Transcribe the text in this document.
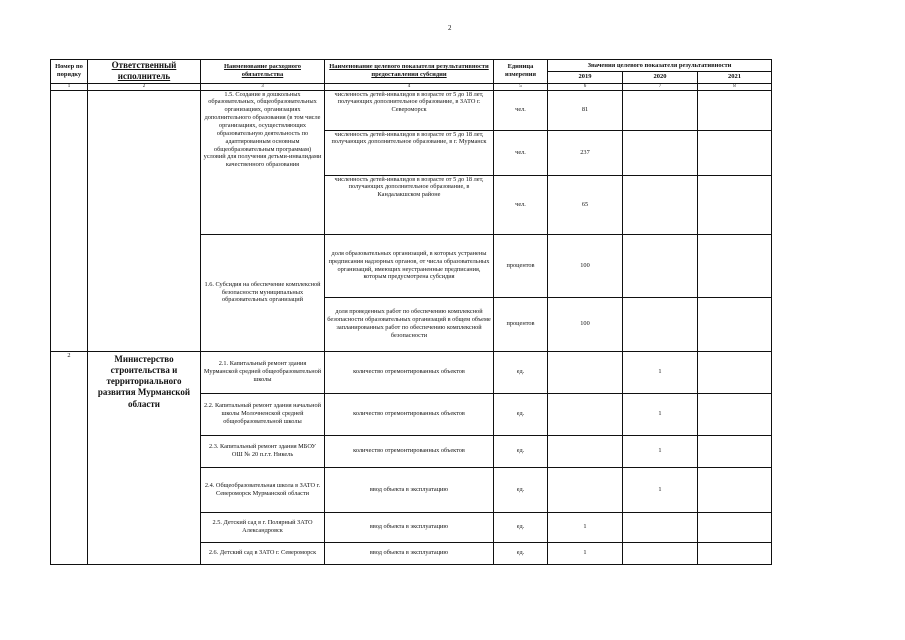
2
Номер по порядку	Ответственный исполнитель	Наименование расходного обязательства	Наименование целевого показателя результативности предоставления субсидии	Единица измерения	Значения целевого показателя результативности		
					2019	2020	2021
1	2	3	4	5	6	7	8
		1.5. Создание в дошкольных образовательных, общеобразовательных организациях, организациях дополнительного образования (в том числе организациях, осуществляющих образовательную деятельность по адаптированным основным общеобразовательным программам) условий для получения детьми-инвалидами качественного образования	численность детей-инвалидов в возрасте от 5 до 18 лет, получающих дополнительное образование, в ЗАТО г. Североморск	чел.	81		
			численность детей-инвалидов в возрасте от 5 до 18 лет, получающих дополнительное образование, в г. Мурманск	чел.	237		
			численность детей-инвалидов в возрасте от 5 до 18 лет, получающих дополнительное образование, в Кандалакшском районе	чел.	65		
		1.6. Субсидия на обеспечение комплексной безопасности муниципальных образовательных организаций	доля образовательных организаций, в которых устранены предписания надзорных органов, от числа образовательных организаций, имеющих неустраненные предписания, которым предусмотрена субсидия	процентов	100		
			доля проведенных работ по обеспечению комплексной безопасности образовательных организаций в общем объеме запланированных работ по обеспечению комплексной безопасности	процентов	100		
2	Министерство строительства и территориального развития Мурманской области	2.1. Капитальный ремонт здания Мурманской средней общеобразовательной школы	количество отремонтированных объектов	ед.		1	
		2.2. Капитальный ремонт здания начальной школы Молочненской средней общеобразовательной школы	количество отремонтированных объектов	ед.		1	
		2.3. Капитальный ремонт здания МБОУ ОШ № 20 п.г.т. Никель	количество отремонтированных объектов	ед.		1	
		2.4. Общеобразовательная школа в ЗАТО г. Североморск Мурманской области	ввод объекта в эксплуатацию	ед.		1	
		2.5. Детский сад в г. Полярный ЗАТО Александровск	ввод объекта в эксплуатацию	ед.	1		
		2.6. Детский сад в ЗАТО г. Североморск	ввод объекта в эксплуатацию	ед.	1		
